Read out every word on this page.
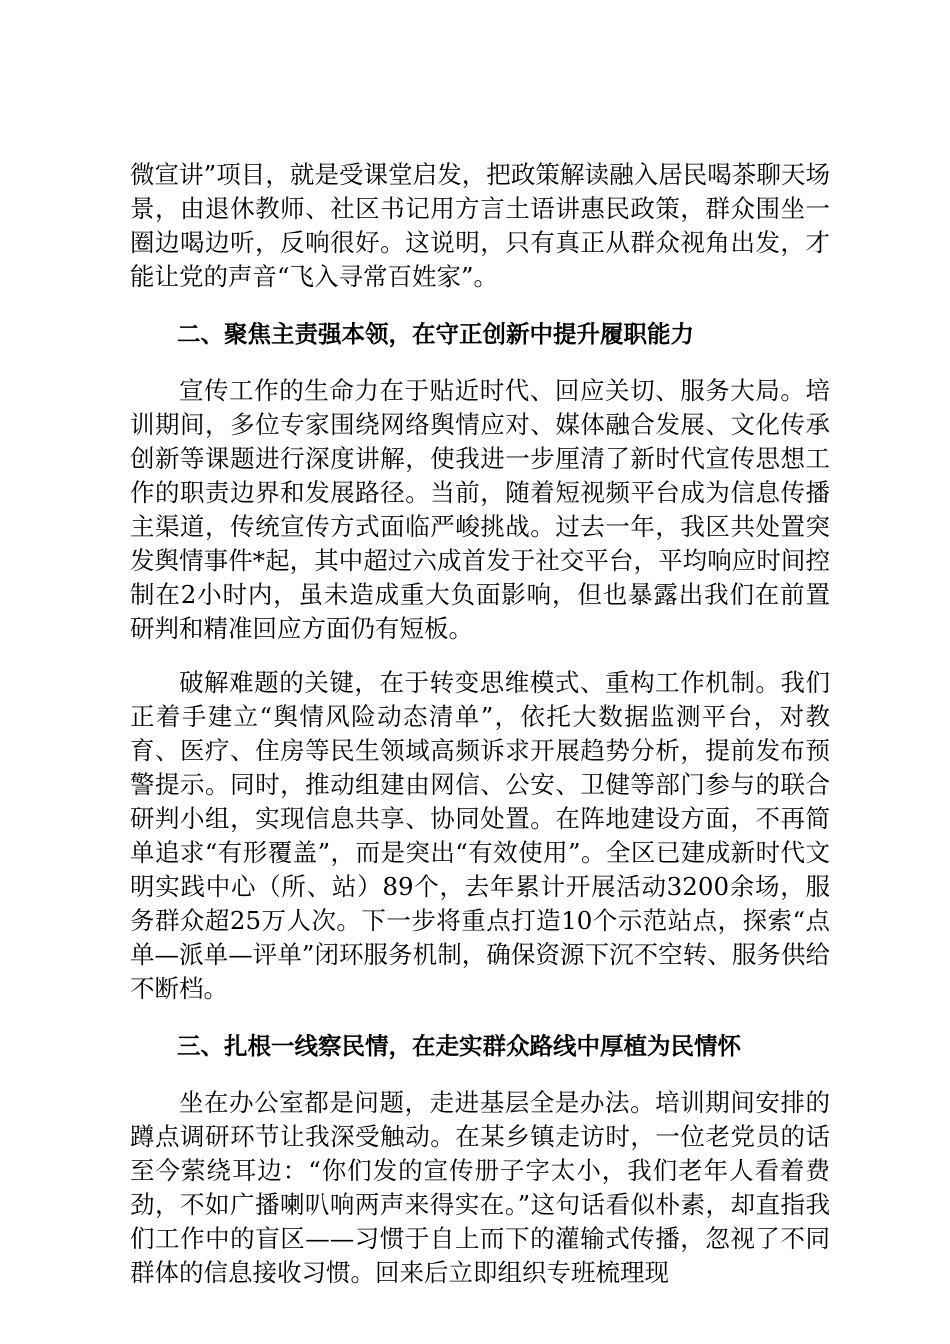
微宣讲”项目，就是受课堂启发，把政策解读融入居民喝茶聊天场景，由退休教师、社区书记用方言土语讲惠民政策，群众围坐一圈边喝边听，反响很好。这说明，只有真正从群众视角出发，才能让党的声音“飞入寻常百姓家”。

二、聚焦主责强本领，在守正创新中提升履职能力

宣传工作的生命力在于贴近时代、回应关切、服务大局。培训期间，多位专家围绕网络舆情应对、媒体融合发展、文化传承创新等课题进行深度讲解，使我进一步厘清了新时代宣传思想工作的职责边界和发展路径。当前，随着短视频平台成为信息传播主渠道，传统宣传方式面临严峻挑战。过去一年，我区共处置突发舆情事件*起，其中超过六成首发于社交平台，平均响应时间控制在2小时内，虽未造成重大负面影响，但也暴露出我们在前置研判和精准回应方面仍有短板。

破解难题的关键，在于转变思维模式、重构工作机制。我们正着手建立“舆情风险动态清单”，依托大数据监测平台，对教育、医疗、住房等民生领域高频诉求开展趋势分析，提前发布预警提示。同时，推动组建由网信、公安、卫健等部门参与的联合研判小组，实现信息共享、协同处置。在阵地建设方面，不再简单追求“有形覆盖”，而是突出“有效使用”。全区已建成新时代文明实践中心（所、站）89个，去年累计开展活动3200余场，服务群众超25万人次。下一步将重点打造10个示范站点，探索“点单—派单—评单”闭环服务机制，确保资源下沉不空转、服务供给不断档。

三、扎根一线察民情，在走实群众路线中厚植为民情怀

坐在办公室都是问题，走进基层全是办法。培训期间安排的蹲点调研环节让我深受触动。在某乡镇走访时，一位老党员的话至今萦绕耳边：“你们发的宣传册子字太小，我们老年人看着费劲，不如广播喇叭响两声来得实在。”这句话看似朴素，却直指我们工作中的盲区——习惯于自上而下的灌输式传播，忽视了不同群体的信息接收习惯。回来后立即组织专班梳理现
